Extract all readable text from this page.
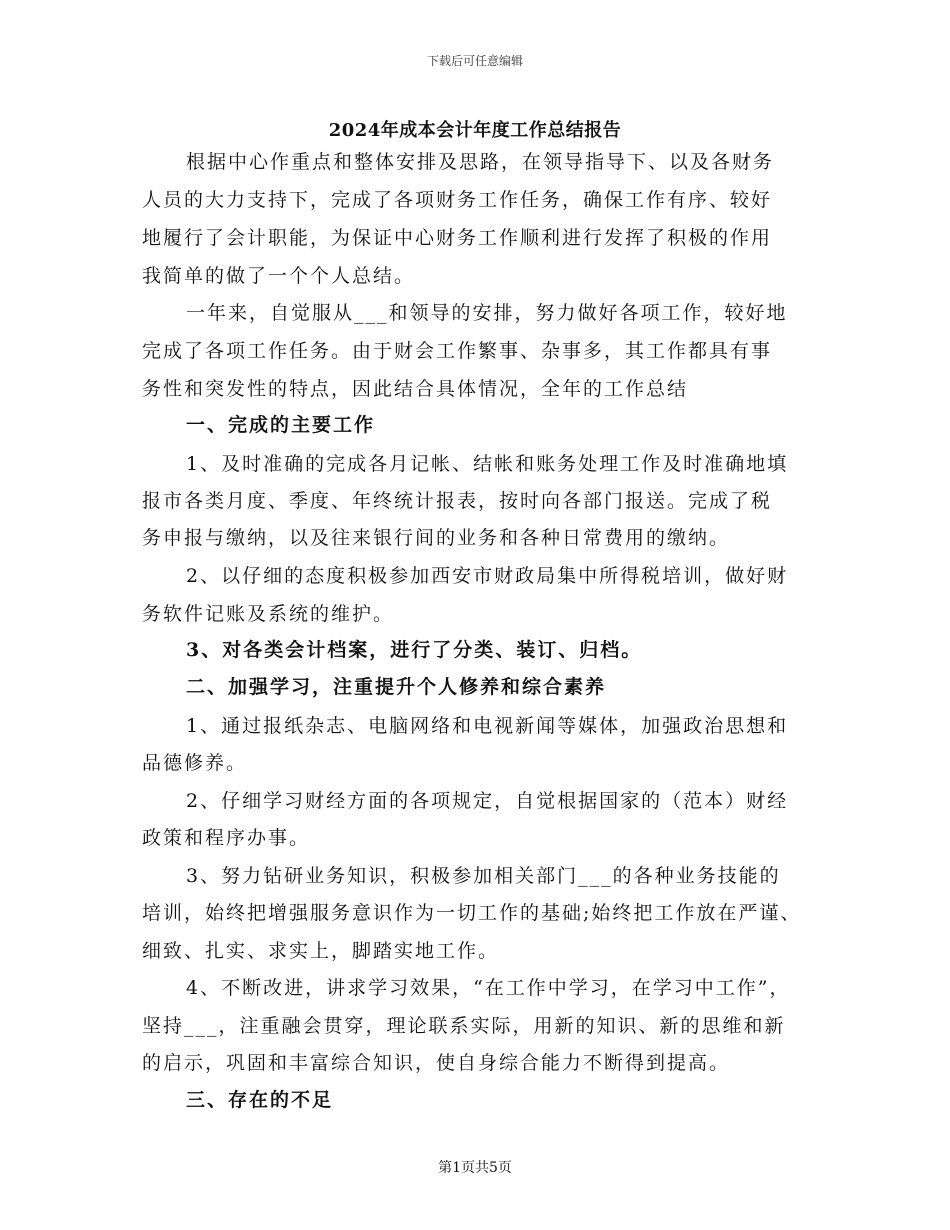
下载后可任意编辑
2024年成本会计年度工作总结报告
根据中心作重点和整体安排及思路，在领导指导下、以及各财务
人员的大力支持下，完成了各项财务工作任务，确保工作有序、较好
地履行了会计职能，为保证中心财务工作顺利进行发挥了积极的作用
我简单的做了一个个人总结。
一年来，自觉服从___和领导的安排，努力做好各项工作，较好地
完成了各项工作任务。由于财会工作繁事、杂事多，其工作都具有事
务性和突发性的特点，因此结合具体情况，全年的工作总结
一、完成的主要工作
1、及时准确的完成各月记帐、结帐和账务处理工作及时准确地填
报市各类月度、季度、年终统计报表，按时向各部门报送。完成了税
务申报与缴纳，以及往来银行间的业务和各种日常费用的缴纳。
2、以仔细的态度积极参加西安市财政局集中所得税培训，做好财
务软件记账及系统的维护。
3、对各类会计档案，进行了分类、装订、归档。
二、加强学习，注重提升个人修养和综合素养
1、通过报纸杂志、电脑网络和电视新闻等媒体，加强政治思想和
品德修养。
2、仔细学习财经方面的各项规定，自觉根据国家的（范本）财经
政策和程序办事。
3、努力钻研业务知识，积极参加相关部门___的各种业务技能的
培训，始终把增强服务意识作为一切工作的基础;始终把工作放在严谨、
细致、扎实、求实上，脚踏实地工作。
4、不断改进，讲求学习效果，“在工作中学习，在学习中工作”，
坚持___，注重融会贯穿，理论联系实际，用新的知识、新的思维和新
的启示，巩固和丰富综合知识，使自身综合能力不断得到提高。
三、存在的不足
第1页共5页
